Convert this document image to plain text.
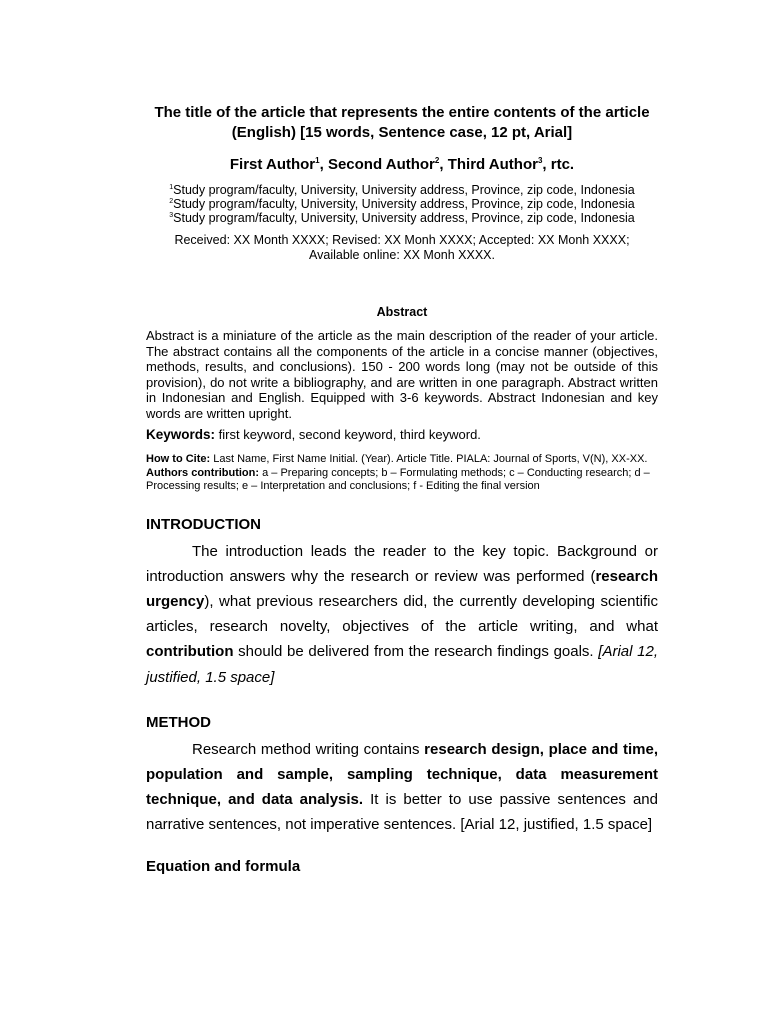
The title of the article that represents the entire contents of the article (English) [15 words, Sentence case, 12 pt, Arial]

First Author$^1$, Second Author$^2$, Third Author$^3$, rtc.

$^1$Study program/faculty, University, University address, Province, zip code, Indonesia

$^2$Study program/faculty, University, University address, Province, zip code, Indonesia

$^3$Study program/faculty, University, University address, Province, zip code, Indonesia

Received: XX Month XXXX; Revised: XX Monh XXXX; Accepted: XX Monh XXXX;
Available online: XX Monh XXXX.

Abstract

Abstract is a miniature of the article as the main description of the reader of your article. The abstract contains all the components of the article in a concise manner (objectives, methods, results, and conclusions). 150 - 200 words long (may not be outside of this provision), do not write a bibliography, and are written in one paragraph. Abstract written in Indonesian and English. Equipped with 3-6 keywords. Abstract Indonesian and key words are written upright.

Keywords: first keyword, second keyword, third keyword.

How to Cite: Last Name, First Name Initial. (Year). Article Title. PIALA: Journal of Sports, V(N), XX-XX.
Authors contribution: a – Preparing concepts; b – Formulating methods; c – Conducting research; d – Processing results; e – Interpretation and conclusions; f - Editing the final version

INTRODUCTION

The introduction leads the reader to the key topic. Background or introduction answers why the research or review was performed (research urgency), what previous researchers did, the currently developing scientific articles, research novelty, objectives of the article writing, and what contribution should be delivered from the research findings goals. [Arial 12, justified, 1.5 space]

METHOD

Research method writing contains research design, place and time, population and sample, sampling technique, data measurement technique, and data analysis. It is better to use passive sentences and narrative sentences, not imperative sentences. [Arial 12, justified, 1.5 space]

Equation and formula
